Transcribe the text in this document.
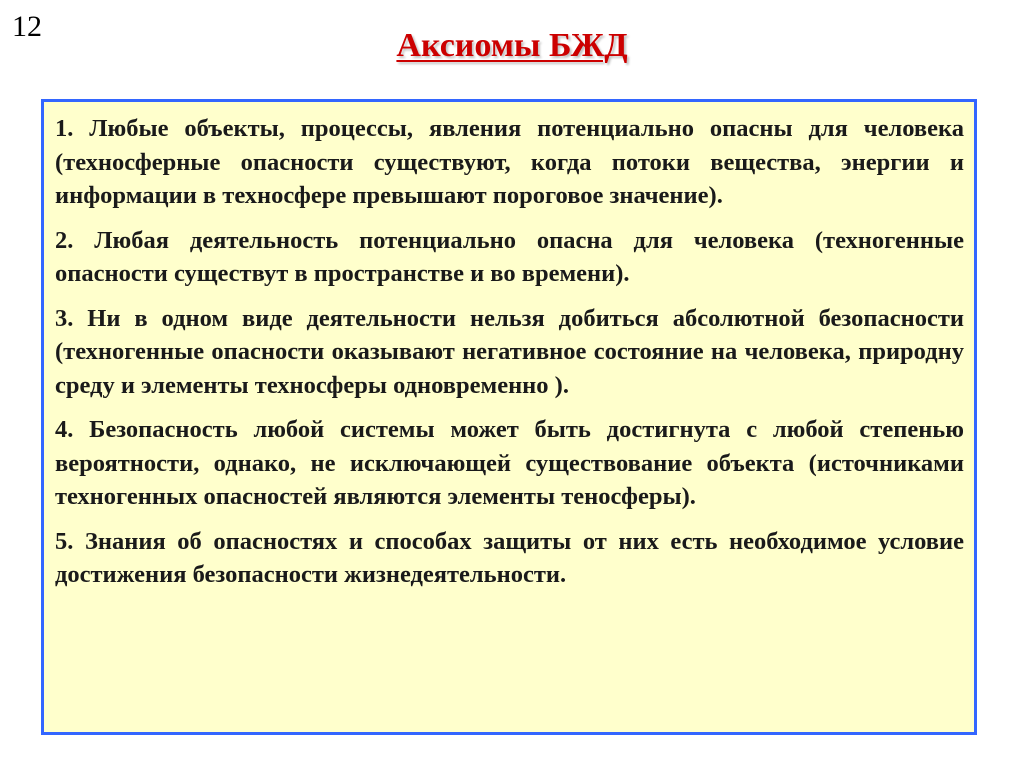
12
Аксиомы БЖД

1. Любые объекты, процессы, явления потенциально опасны для человека (техносферные опасности существуют, когда потоки вещества, энергии и информации в техносфере превышают пороговое значение).

2. Любая деятельность потенциально опасна для человека (техногенные опасности существут в пространстве и во времени).

3. Ни в одном виде деятельности нельзя добиться абсолютной безопасности (техногенные опасности оказывают негативное состояние на человека, природну среду и элементы техносферы одновременно ).

4. Безопасность любой системы может быть достигнута с любой степенью вероятности, однако, не исключающей существование объекта (источниками техногенных опасностей являются элементы теносферы).

5. Знания об опасностях и способах защиты от них есть необходимое условие достижения безопасности жизнедеятельности.
